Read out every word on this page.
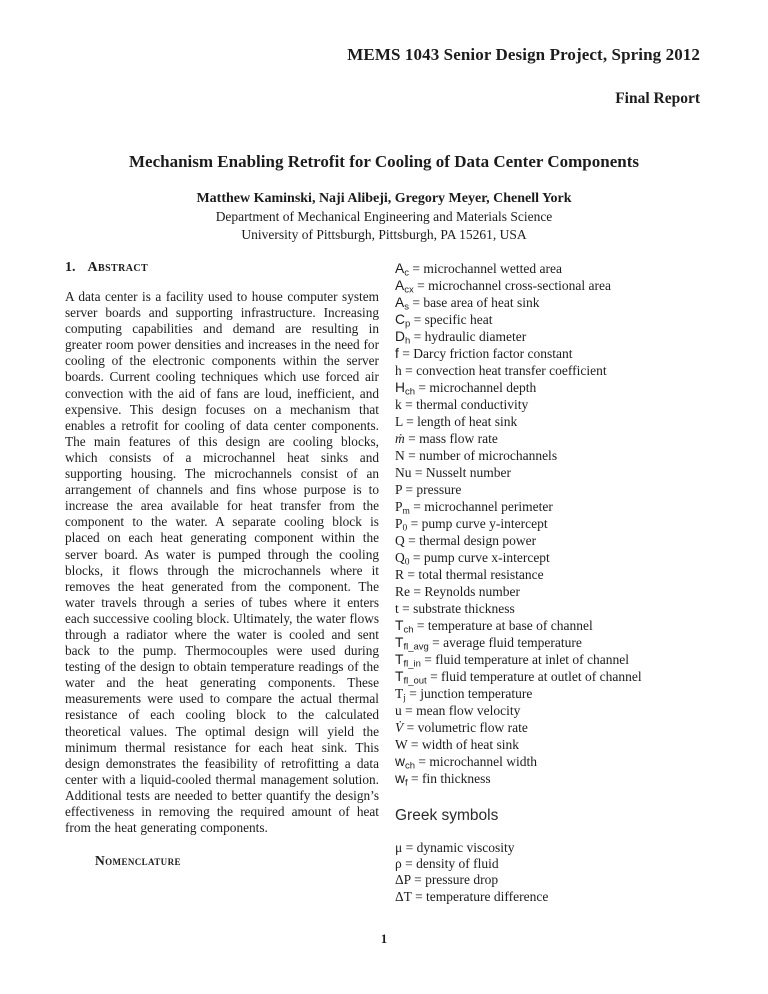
MEMS 1043 Senior Design Project, Spring 2012
Final Report
Mechanism Enabling Retrofit for Cooling of Data Center Components
Matthew Kaminski, Naji Alibeji, Gregory Meyer, Chenell York
Department of Mechanical Engineering and Materials Science
University of Pittsburgh, Pittsburgh, PA 15261, USA
1. Abstract

A data center is a facility used to house computer system server boards and supporting infrastructure. Increasing computing capabilities and demand are resulting in greater room power densities and increases in the need for cooling of the electronic components within the server boards. Current cooling techniques which use forced air convection with the aid of fans are loud, inefficient, and expensive. This design focuses on a mechanism that enables a retrofit for cooling of data center components. The main features of this design are cooling blocks, which consists of a microchannel heat sinks and supporting housing. The microchannels consist of an arrangement of channels and fins whose purpose is to increase the area available for heat transfer from the component to the water. A separate cooling block is placed on each heat generating component within the server board. As water is pumped through the cooling blocks, it flows through the microchannels where it removes the heat generated from the component. The water travels through a series of tubes where it enters each successive cooling block. Ultimately, the water flows through a radiator where the water is cooled and sent back to the pump. Thermocouples were used during testing of the design to obtain temperature readings of the water and the heat generating components. These measurements were used to compare the actual thermal resistance of each cooling block to the calculated theoretical values. The optimal design will yield the minimum thermal resistance for each heat sink. This design demonstrates the feasibility of retrofitting a data center with a liquid-cooled thermal management solution. Additional tests are needed to better quantify the design’s effectiveness in removing the required amount of heat from the heat generating components.

Nomenclature
$A_c$ = microchannel wetted area
$A_{cx}$ = microchannel cross-sectional area
$A_s$ = base area of heat sink
$C_p$ = specific heat
$D_h$ = hydraulic diameter
f = Darcy friction factor constant
h = convection heat transfer coefficient
$H_{ch}$ = microchannel depth
k = thermal conductivity
L = length of heat sink
ṁ = mass flow rate
N = number of microchannels
Nu = Nusselt number
P = pressure
$P_m$ = microchannel perimeter
$P_0$ = pump curve y-intercept
Q = thermal design power
$Q_0$ = pump curve x-intercept
R = total thermal resistance
Re = Reynolds number
t = substrate thickness
$T_{ch}$ = temperature at base of channel
$T_{fl\_avg}$ = average fluid temperature
$T_{fl\_in}$ = fluid temperature at inlet of channel
$T_{fl\_out}$ = fluid temperature at outlet of channel
$T_j$ = junction temperature
u = mean flow velocity
V̇ = volumetric flow rate
W = width of heat sink
$w_{ch}$ = microchannel width
$w_f$ = fin thickness
Greek symbols
μ = dynamic viscosity
ρ = density of fluid
ΔP = pressure drop
ΔT = temperature difference
1
